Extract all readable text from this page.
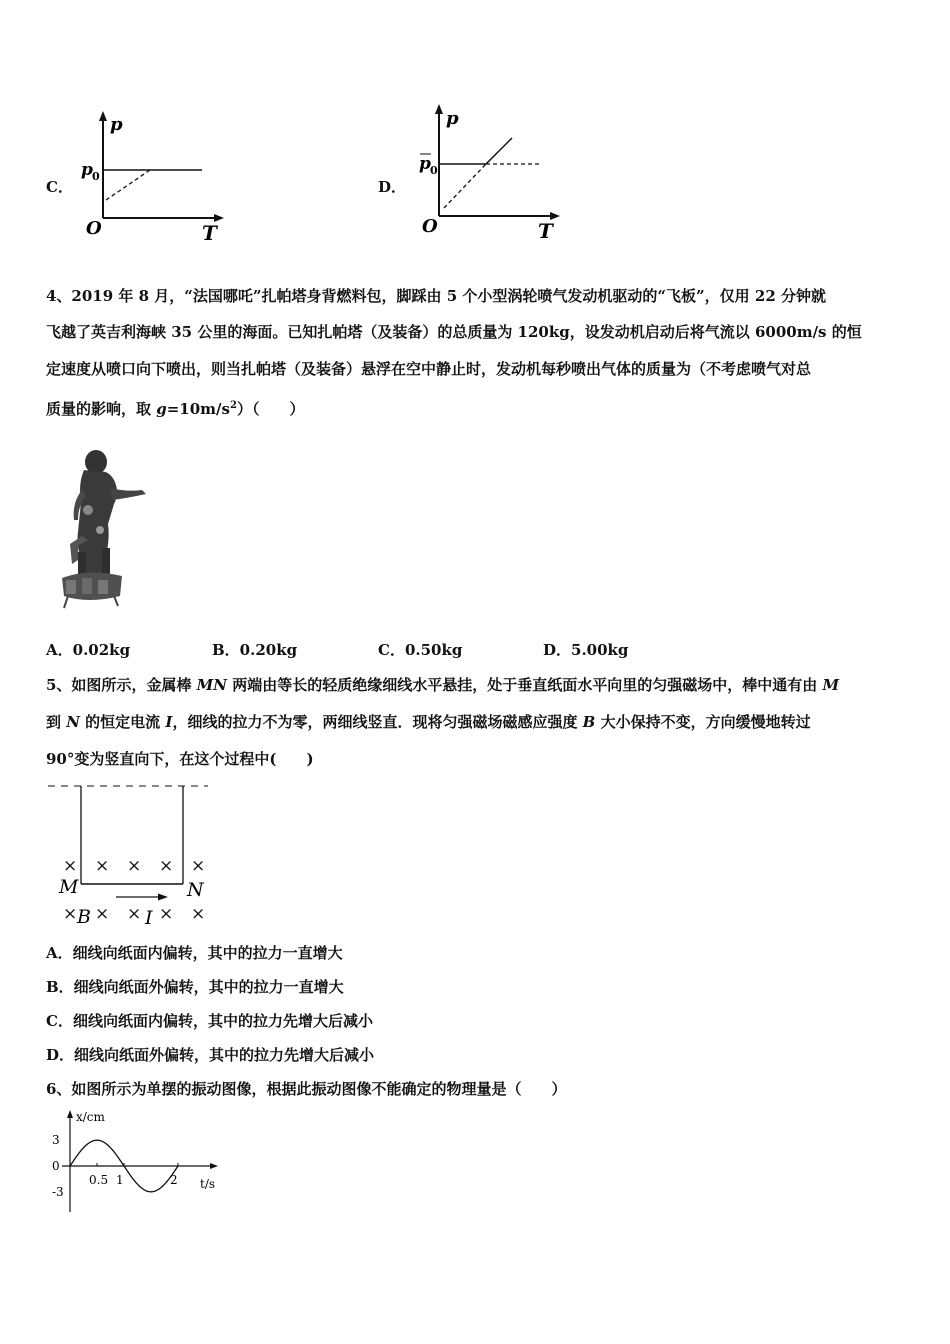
C．
p
T
O
p 0
D．
p
T
O
p 0
4、2019 年 8 月，“法国哪吒”扎帕塔身背燃料包，脚踩由 5 个小型涡轮喷气发动机驱动的“飞板”，仅用 22 分钟就
飞越了英吉利海峡 35 公里的海面。已知扎帕塔（及装备）的总质量为 120kg，设发动机启动后将气流以 6000m/s 的恒
定速度从喷口向下喷出，则当扎帕塔（及装备）悬浮在空中静止时，发动机每秒喷出气体的质量为（不考虑喷气对总
质量的影响，取 $g=10m/s^2$）（　　）
A．0.02kg	B．0.20kg	C．0.50kg	D．5.00kg
5、如图所示，金属棒 MN 两端由等长的轻质绝缘细线水平悬挂，处于垂直纸面水平向里的匀强磁场中，棒中通有由 M
到 N 的恒定电流 I，细线的拉力不为零，两细线竖直．现将匀强磁场磁感应强度 B 大小保持不变，方向缓慢地转过
90°变为竖直向下，在这个过程中(　　)
× × × × ×
× × × × ×
M	N
B	I
A．细线向纸面内偏转，其中的拉力一直增大
B．细线向纸面外偏转，其中的拉力一直增大
C．细线向纸面内偏转，其中的拉力先增大后减小
D．细线向纸面外偏转，其中的拉力先增大后减小
6、如图所示为单摆的振动图像，根据此振动图像不能确定的物理量是（　　）
3
0
-3
0.5 1	2
x/cm
t/s
